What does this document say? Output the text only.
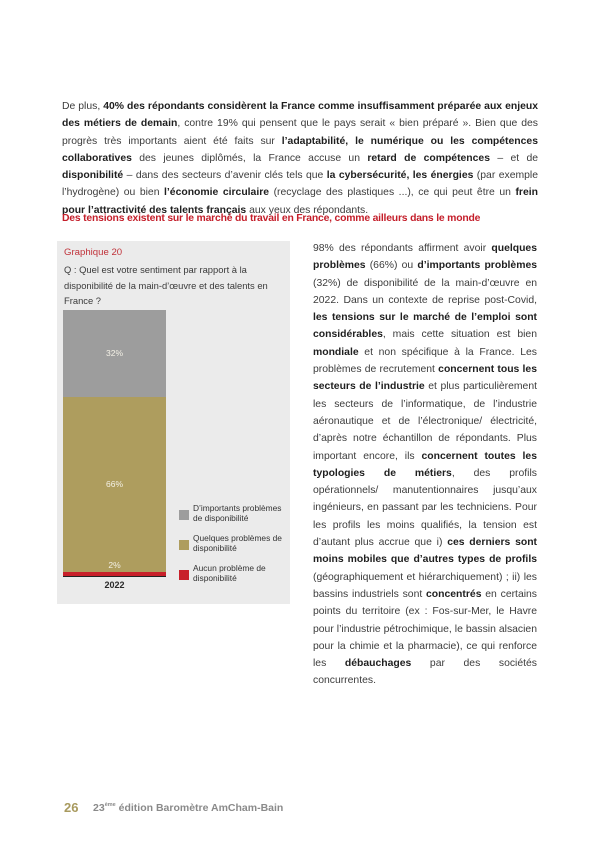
De plus, 40% des répondants considèrent la France comme insuffisamment préparée aux enjeux des métiers de demain, contre 19% qui pensent que le pays serait « bien préparé ». Bien que des progrès très importants aient été faits sur l’adaptabilité, le numérique ou les compétences collaboratives des jeunes diplômés, la France accuse un retard de compétences – et de disponibilité – dans des secteurs d’avenir clés tels que la cybersécurité, les énergies (par exemple l’hydrogène) ou bien l’économie circulaire (recyclage des plastiques ...), ce qui peut être un frein pour l’attractivité des talents français aux yeux des répondants.
Des tensions existent sur le marché du travail en France, comme ailleurs dans le monde
Graphique 20
Q : Quel est votre sentiment par rapport à la disponibilité de la main-d’œuvre et des talents en France ?
32%
66%
2%
2022
D’importants problèmes de disponibilité
Quelques problèmes de disponibilité
Aucun problème de disponibilité
98% des répondants affirment avoir quelques problèmes (66%) ou d’importants problèmes (32%) de disponibilité de la main-d’œuvre en 2022. Dans un contexte de reprise post-Covid, les tensions sur le marché de l’emploi sont considérables, mais cette situation est bien mondiale et non spécifique à la France. Les problèmes de recrutement concernent tous les secteurs de l’industrie et plus particulièrement les secteurs de l’informatique, de l’industrie aéronautique et de l’électronique/ électricité, d’après notre échantillon de répondants. Plus important encore, ils concernent toutes les typologies de métiers, des profils opérationnels/ manutentionnaires jusqu’aux ingénieurs, en passant par les techniciens. Pour les profils les moins qualifiés, la tension est d’autant plus accrue que i) ces derniers sont moins mobiles que d’autres types de profils (géographiquement et hiérarchiquement) ; ii) les bassins industriels sont concentrés en certains points du territoire (ex : Fos-sur-Mer, le Havre pour l’industrie pétrochimique, le bassin alsacien pour la chimie et la pharmacie), ce qui renforce les débauchages par des sociétés concurrentes.
26 23ème édition Baromètre AmCham-Bain
